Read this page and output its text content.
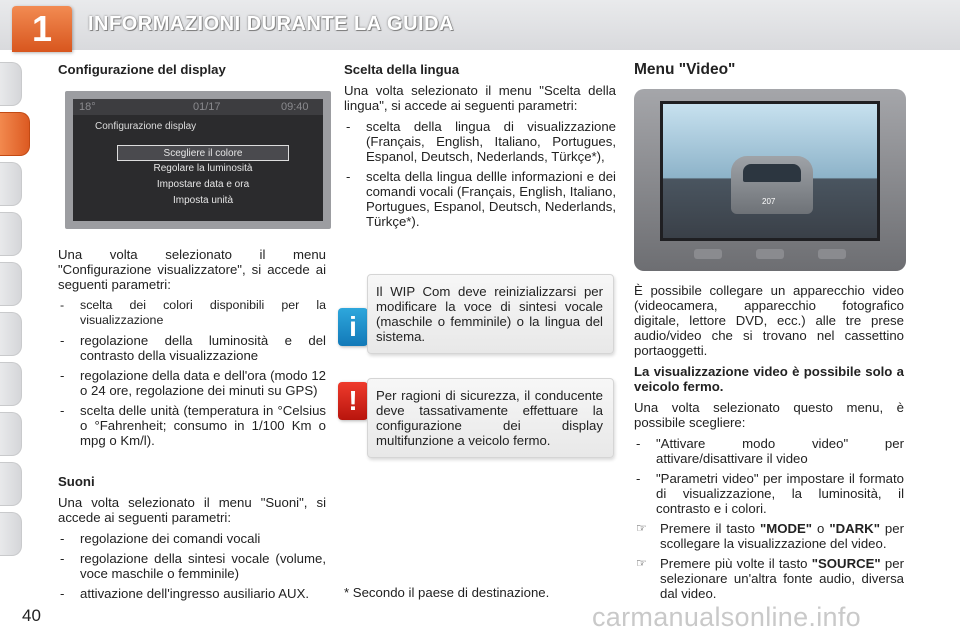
1	INFORMAZIONI DURANTE LA GUIDA
Configurazione del display
18°	01/17	09:40
Configurazione display
Scegliere il colore
Regolare la luminosità
Impostare data e ora
Imposta unità

Una volta selezionato il menu "Configurazione visualizzatore", si accede ai seguenti parametri:

- scelta dei colori disponibili per la visualizzazione
- regolazione della luminosità e del contrasto della visualizzazione
- regolazione della data e dell'ora (modo 12 o 24 ore, regolazione dei minuti su GPS)
- scelta delle unità (temperatura in °Celsius o °Fahrenheit; consumo in 1/100 Km o mpg o Km/l).
Suoni

Una volta selezionato il menu "Suoni", si accede ai seguenti parametri:

- regolazione dei comandi vocali
- regolazione della sintesi vocale (volume, voce maschile o femminile)
- attivazione dell'ingresso ausiliario AUX.
Scelta della lingua

Una volta selezionato il menu "Scelta della lingua", si accede ai seguenti parametri:

- scelta della lingua di visualizzazione (Français, English, Italiano, Portugues, Espanol, Deutsch, Nederlands, Türkçe*),
- scelta della lingua dellle informazioni e dei comandi vocali (Français, English, Italiano, Portugues, Espanol, Deutsch, Nederlands, Türkçe*).
i
Il WIP Com deve reinizializzarsi per modificare la voce di sintesi vocale (maschile o femminile) o la lingua del sistema.
!	Per ragioni di sicurezza, il conducente deve tassativamente effettuare la configurazione dei display multifunzione a veicolo fermo.
* Secondo il paese di destinazione.
Menu "Video"
207

È possibile collegare un apparecchio video (videocamera, apparecchio fotografico digitale, lettore DVD, ecc.) alle tre prese audio/video che si trovano nel cassettino portaoggetti.

La visualizzazione video è possibile solo a veicolo fermo.

Una volta selezionato questo menu, è possibile scegliere:

- "Attivare modo video" per attivare/disattivare il video
- "Parametri video" per impostare il formato di visualizzazione, la luminosità, il contrasto e i colori.
☞ Premere il tasto "MODE" o "DARK" per scollegare la visualizzazione del video.
☞ Premere più volte il tasto "SOURCE" per selezionare un'altra fonte audio, diversa dal video.
40	carmanualsonline.info
